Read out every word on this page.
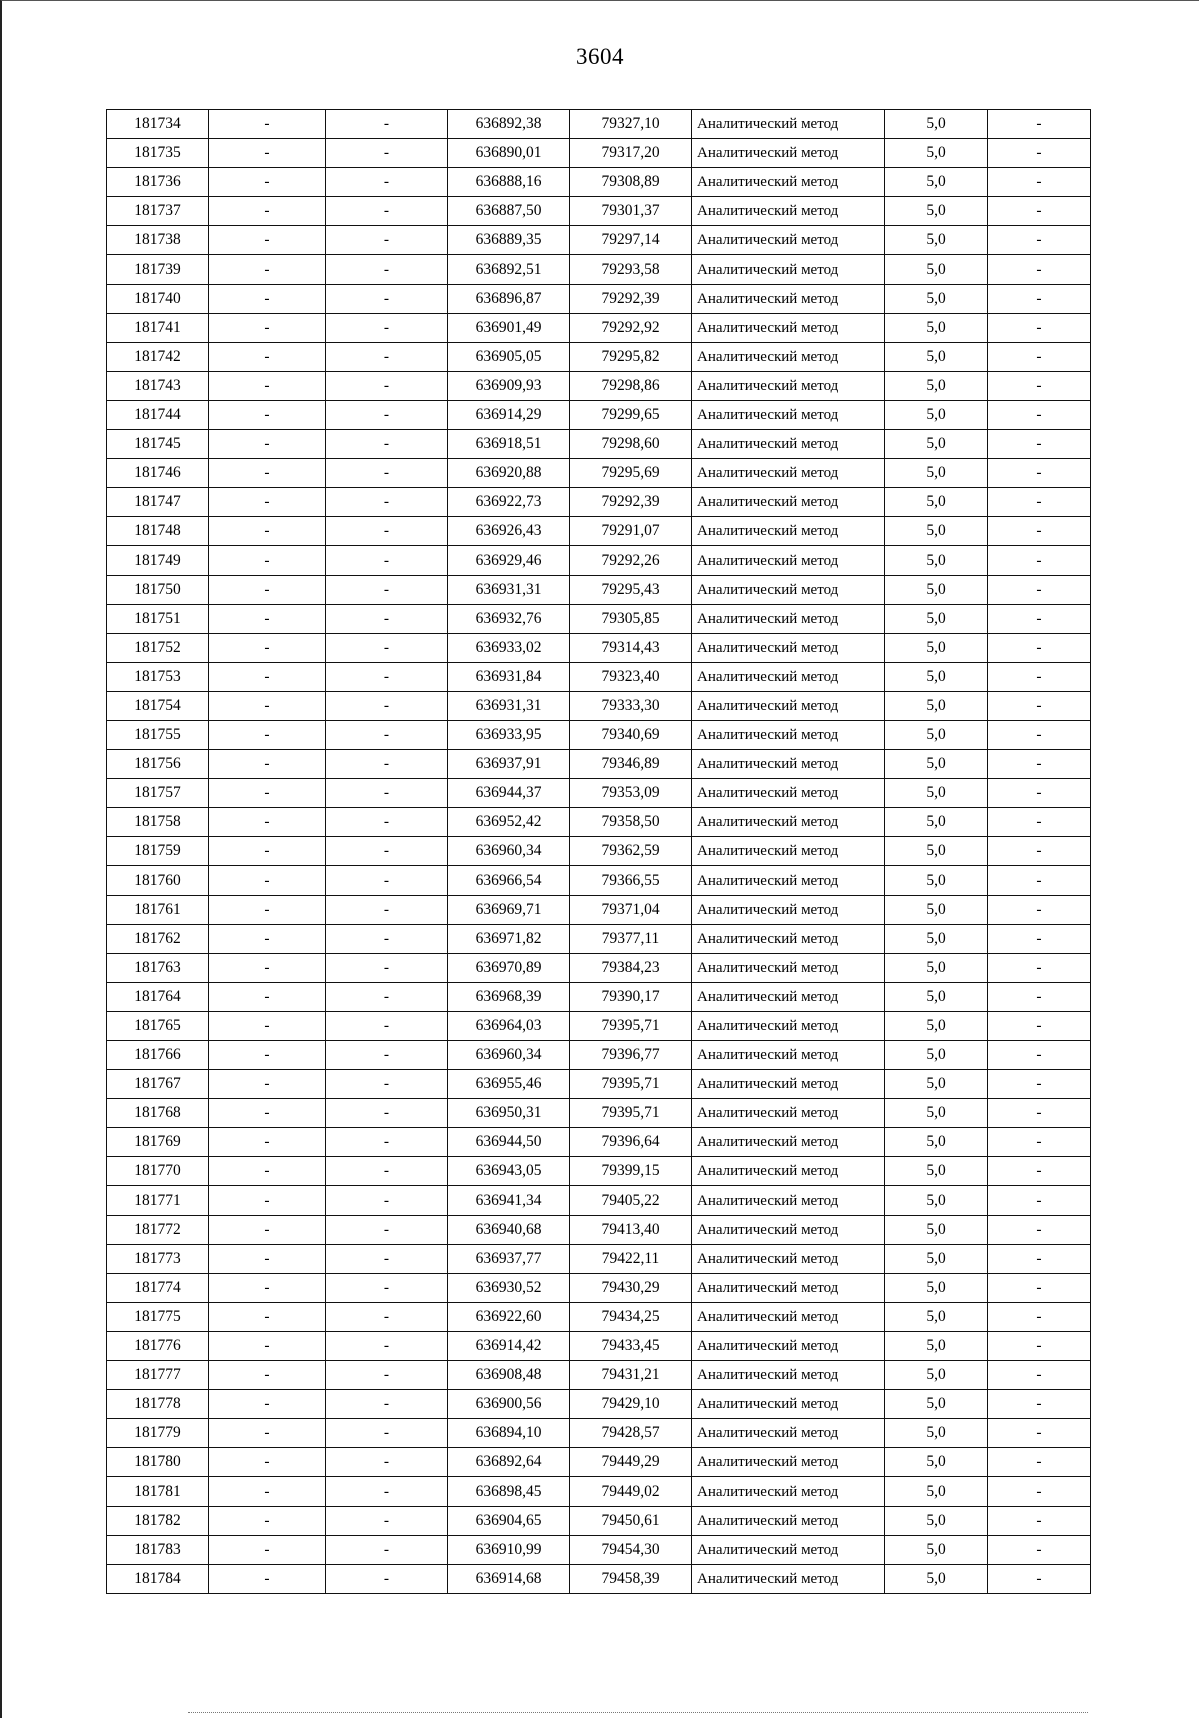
3604
181734	-	-	636892,38	79327,10	Аналитический метод	5,0	-
181735	-	-	636890,01	79317,20	Аналитический метод	5,0	-
181736	-	-	636888,16	79308,89	Аналитический метод	5,0	-
181737	-	-	636887,50	79301,37	Аналитический метод	5,0	-
181738	-	-	636889,35	79297,14	Аналитический метод	5,0	-
181739	-	-	636892,51	79293,58	Аналитический метод	5,0	-
181740	-	-	636896,87	79292,39	Аналитический метод	5,0	-
181741	-	-	636901,49	79292,92	Аналитический метод	5,0	-
181742	-	-	636905,05	79295,82	Аналитический метод	5,0	-
181743	-	-	636909,93	79298,86	Аналитический метод	5,0	-
181744	-	-	636914,29	79299,65	Аналитический метод	5,0	-
181745	-	-	636918,51	79298,60	Аналитический метод	5,0	-
181746	-	-	636920,88	79295,69	Аналитический метод	5,0	-
181747	-	-	636922,73	79292,39	Аналитический метод	5,0	-
181748	-	-	636926,43	79291,07	Аналитический метод	5,0	-
181749	-	-	636929,46	79292,26	Аналитический метод	5,0	-
181750	-	-	636931,31	79295,43	Аналитический метод	5,0	-
181751	-	-	636932,76	79305,85	Аналитический метод	5,0	-
181752	-	-	636933,02	79314,43	Аналитический метод	5,0	-
181753	-	-	636931,84	79323,40	Аналитический метод	5,0	-
181754	-	-	636931,31	79333,30	Аналитический метод	5,0	-
181755	-	-	636933,95	79340,69	Аналитический метод	5,0	-
181756	-	-	636937,91	79346,89	Аналитический метод	5,0	-
181757	-	-	636944,37	79353,09	Аналитический метод	5,0	-
181758	-	-	636952,42	79358,50	Аналитический метод	5,0	-
181759	-	-	636960,34	79362,59	Аналитический метод	5,0	-
181760	-	-	636966,54	79366,55	Аналитический метод	5,0	-
181761	-	-	636969,71	79371,04	Аналитический метод	5,0	-
181762	-	-	636971,82	79377,11	Аналитический метод	5,0	-
181763	-	-	636970,89	79384,23	Аналитический метод	5,0	-
181764	-	-	636968,39	79390,17	Аналитический метод	5,0	-
181765	-	-	636964,03	79395,71	Аналитический метод	5,0	-
181766	-	-	636960,34	79396,77	Аналитический метод	5,0	-
181767	-	-	636955,46	79395,71	Аналитический метод	5,0	-
181768	-	-	636950,31	79395,71	Аналитический метод	5,0	-
181769	-	-	636944,50	79396,64	Аналитический метод	5,0	-
181770	-	-	636943,05	79399,15	Аналитический метод	5,0	-
181771	-	-	636941,34	79405,22	Аналитический метод	5,0	-
181772	-	-	636940,68	79413,40	Аналитический метод	5,0	-
181773	-	-	636937,77	79422,11	Аналитический метод	5,0	-
181774	-	-	636930,52	79430,29	Аналитический метод	5,0	-
181775	-	-	636922,60	79434,25	Аналитический метод	5,0	-
181776	-	-	636914,42	79433,45	Аналитический метод	5,0	-
181777	-	-	636908,48	79431,21	Аналитический метод	5,0	-
181778	-	-	636900,56	79429,10	Аналитический метод	5,0	-
181779	-	-	636894,10	79428,57	Аналитический метод	5,0	-
181780	-	-	636892,64	79449,29	Аналитический метод	5,0	-
181781	-	-	636898,45	79449,02	Аналитический метод	5,0	-
181782	-	-	636904,65	79450,61	Аналитический метод	5,0	-
181783	-	-	636910,99	79454,30	Аналитический метод	5,0	-
181784	-	-	636914,68	79458,39	Аналитический метод	5,0	-
